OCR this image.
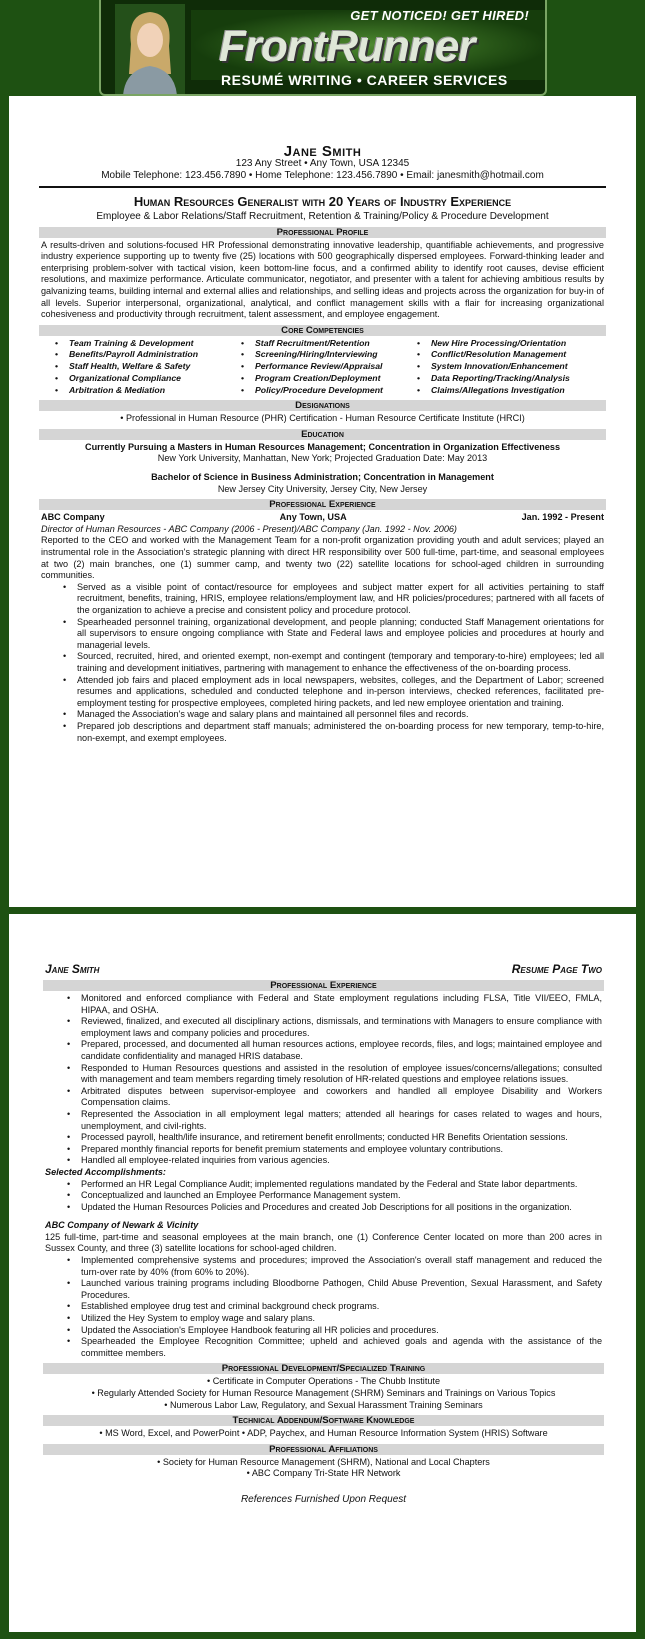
GET NOTICED! GET HIRED!
FrontRunner
RESUMÉ WRITING • CAREER SERVICES
Jane Smith
123 Any Street • Any Town, USA 12345
Mobile Telephone: 123.456.7890 • Home Telephone: 123.456.7890 • Email: janesmith@hotmail.com
Human Resources Generalist with 20 Years of Industry Experience
Employee & Labor Relations/Staff Recruitment, Retention & Training/Policy & Procedure Development
Professional Profile
A results-driven and solutions-focused HR Professional demonstrating innovative leadership, quantifiable achievements, and progressive industry experience supporting up to twenty five (25) locations with 500 geographically dispersed employees. Forward-thinking leader and enterprising problem-solver with tactical vision, keen bottom-line focus, and a confirmed ability to identify root causes, devise efficient resolutions, and maximize performance. Articulate communicator, negotiator, and presenter with a talent for achieving ambitious results by galvanizing teams, building internal and external allies and relationships, and selling ideas and projects across the organization for buy-in of all levels. Superior interpersonal, organizational, analytical, and conflict management skills with a flair for increasing organizational cohesiveness and productivity through recruitment, talent assessment, and employee engagement.
Core Competencies
• Team Training & Development	• Staff Recruitment/Retention	• New Hire Processing/Orientation
• Benefits/Payroll Administration	• Screening/Hiring/Interviewing	• Conflict/Resolution Management
• Staff Health, Welfare & Safety	• Performance Review/Appraisal	• System Innovation/Enhancement
• Organizational Compliance	• Program Creation/Deployment	• Data Reporting/Tracking/Analysis
• Arbitration & Mediation	• Policy/Procedure Development	• Claims/Allegations Investigation
Designations
• Professional in Human Resource (PHR) Certification - Human Resource Certificate Institute (HRCI)
Education
Currently Pursuing a Masters in Human Resources Management; Concentration in Organization Effectiveness
New York University, Manhattan, New York; Projected Graduation Date: May 2013
Bachelor of Science in Business Administration; Concentration in Management
New Jersey City University, Jersey City, New Jersey
Professional Experience
ABC Company	Any Town, USA	Jan. 1992 - Present
Director of Human Resources - ABC Company (2006 - Present)/ABC Company (Jan. 1992 - Nov. 2006)
Reported to the CEO and worked with the Management Team for a non-profit organization providing youth and adult services; played an instrumental role in the Association's strategic planning with direct HR responsibility over 500 full-time, part-time, and seasonal employees at two (2) main branches, one (1) summer camp, and twenty two (22) satellite locations for school-aged children in surrounding communities.
• Served as a visible point of contact/resource for employees and subject matter expert for all activities pertaining to staff recruitment, benefits, training, HRIS, employee relations/employment law, and HR policies/procedures; partnered with all facets of the organization to achieve a precise and consistent policy and procedure protocol.
• Spearheaded personnel training, organizational development, and people planning; conducted Staff Management orientations for all supervisors to ensure ongoing compliance with State and Federal laws and employee policies and procedures at hourly and managerial levels.
• Sourced, recruited, hired, and oriented exempt, non-exempt and contingent (temporary and temporary-to-hire) employees; led all training and development initiatives, partnering with management to enhance the effectiveness of the on-boarding process.
• Attended job fairs and placed employment ads in local newspapers, websites, colleges, and the Department of Labor; screened resumes and applications, scheduled and conducted telephone and in-person interviews, checked references, facilitated pre-employment testing for prospective employees, completed hiring packets, and led new employee orientation and training.
• Managed the Association's wage and salary plans and maintained all personnel files and records.
• Prepared job descriptions and department staff manuals; administered the on-boarding process for new temporary, temp-to-hire, non-exempt, and exempt employees.
Jane Smith	Resume Page Two
Professional Experience
• Monitored and enforced compliance with Federal and State employment regulations including FLSA, Title VII/EEO, FMLA, HIPAA, and OSHA.
• Reviewed, finalized, and executed all disciplinary actions, dismissals, and terminations with Managers to ensure compliance with employment laws and company policies and procedures.
• Prepared, processed, and documented all human resources actions, employee records, files, and logs; maintained employee and candidate confidentiality and managed HRIS database.
• Responded to Human Resources questions and assisted in the resolution of employee issues/concerns/allegations; consulted with management and team members regarding timely resolution of HR-related questions and employee relations issues.
• Arbitrated disputes between supervisor-employee and coworkers and handled all employee Disability and Workers Compensation claims.
• Represented the Association in all employment legal matters; attended all hearings for cases related to wages and hours, unemployment, and civil-rights.
• Processed payroll, health/life insurance, and retirement benefit enrollments; conducted HR Benefits Orientation sessions.
• Prepared monthly financial reports for benefit premium statements and employee voluntary contributions.
• Handled all employee-related inquiries from various agencies.
Selected Accomplishments:
• Performed an HR Legal Compliance Audit; implemented regulations mandated by the Federal and State labor departments.
• Conceptualized and launched an Employee Performance Management system.
• Updated the Human Resources Policies and Procedures and created Job Descriptions for all positions in the organization.
ABC Company of Newark & Vicinity
125 full-time, part-time and seasonal employees at the main branch, one (1) Conference Center located on more than 200 acres in Sussex County, and three (3) satellite locations for school-aged children.
• Implemented comprehensive systems and procedures; improved the Association's overall staff management and reduced the turn-over rate by 40% (from 60% to 20%).
• Launched various training programs including Bloodborne Pathogen, Child Abuse Prevention, Sexual Harassment, and Safety Procedures.
• Established employee drug test and criminal background check programs.
• Utilized the Hey System to employ wage and salary plans.
• Updated the Association's Employee Handbook featuring all HR policies and procedures.
• Spearheaded the Employee Recognition Committee; upheld and achieved goals and agenda with the assistance of the committee members.
Professional Development/Specialized Training
• Certificate in Computer Operations - The Chubb Institute
• Regularly Attended Society for Human Resource Management (SHRM) Seminars and Trainings on Various Topics
• Numerous Labor Law, Regulatory, and Sexual Harassment Training Seminars
Technical Addendum/Software Knowledge
• MS Word, Excel, and PowerPoint • ADP, Paychex, and Human Resource Information System (HRIS) Software
Professional Affiliations
• Society for Human Resource Management (SHRM), National and Local Chapters
• ABC Company Tri-State HR Network
References Furnished Upon Request
